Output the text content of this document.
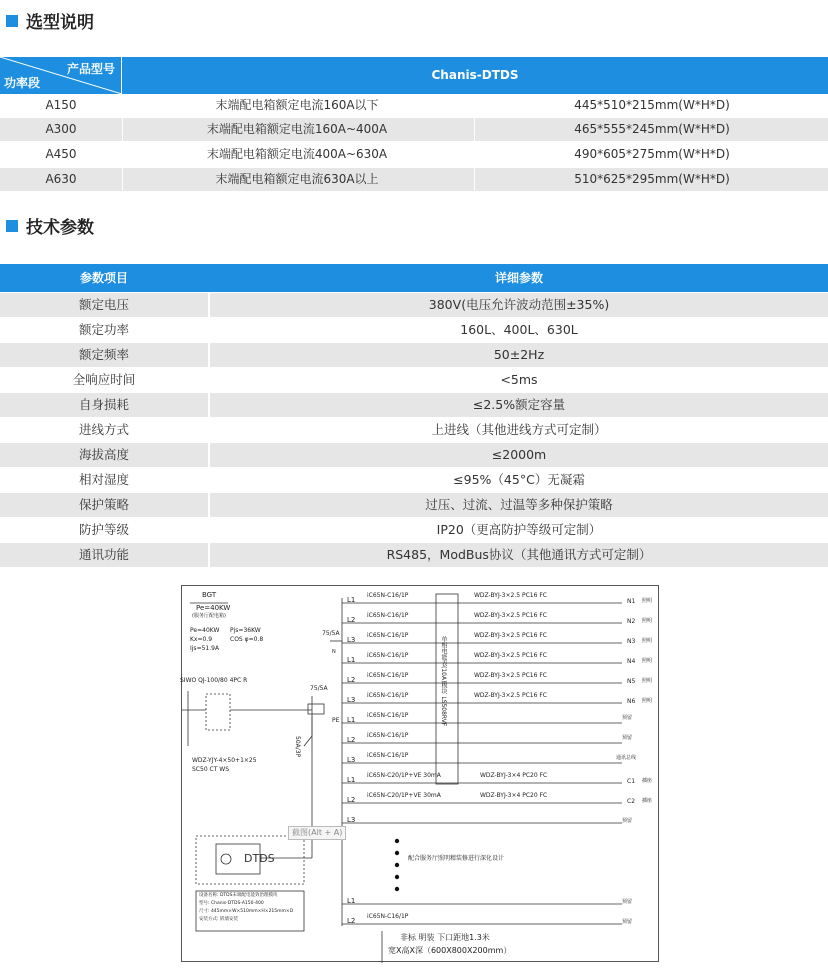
选型说明
产品型号
功率段
Chanis-DTDS
A150	末端配电箱额定电流160A以下	445*510*215mm(W*H*D)
A300	末端配电箱额定电流160A~400A	465*555*245mm(W*H*D)
A450	末端配电箱额定电流400A~630A	490*605*275mm(W*H*D)
A630	末端配电箱额定电流630A以上	510*625*295mm(W*H*D)
技术参数
参数项目	详细参数
额定电压	380V(电压允许波动范围±35%)
额定功率	160L、400L、630L
额定频率	50±2Hz
全响应时间	<5ms
自身损耗	≤2.5%额定容量
进线方式	上进线（其他进线方式可定制）
海拔高度	≤2000m
相对湿度	≤95%（45°C）无凝霜
保护策略	过压、过流、过温等多种保护策略
防护等级	IP20（更高防护等级可定制）
通讯功能	RS485，ModBus协议（其他通讯方式可定制）
BGT
Pe=40KW
(服务厅配电箱)
Pe=40KW Pjs=36KW
Kx=0.9	COS φ=0.8
Ijs=51.9A
SIWO QJ-100/80 4PC R
WDZ-YJY-4×50+1×25
SC50 CT WS
75/5A
N
75/5A
PE
50A/3P
单相电能表(10A)模块 LS508RVF
L1
iC65N-C16/1P	WDZ-BYJ-3×2.5 PC16 FC
N1 照明
L2
iC65N-C16/1P	WDZ-BYJ-3×2.5 PC16 FC
N2 照明
L3
iC65N-C16/1P	WDZ-BYJ-3×2.5 PC16 FC
N3 照明
L1
iC65N-C16/1P	WDZ-BYJ-3×2.5 PC16 FC
N4 照明
L2
iC65N-C16/1P	WDZ-BYJ-3×2.5 PC16 FC
N5 照明
L3
iC65N-C16/1P	WDZ-BYJ-3×2.5 PC16 FC
N6 照明
L1
iC65N-C16/1P	预留
L2
iC65N-C16/1P	预留
L3
iC65N-C16/1P	通讯总线
L1
iC65N-C20/1P+VE 30mA	WDZ-BYJ-3×4 PC20 FC
C1 插座
L2
iC65N-C20/1P+VE 30mA	WDZ-BYJ-3×4 PC20 FC
C2 插座
L3	预留
配合服务厅照明精装修进行深化设计
L1	预留
L2
iC65N-C16/1P
预留
DTDS
设备名称: DTDS末端配电能效治理模块
型号: Chanis-DTDS-A150-400
尺寸: 445mm×W×510mm×H×215mm×D
安装方式: 嵌墙安装
非标 明装 下口距地1.3米
宽X高X深（600X800X200mm）
截图(Alt + A)
